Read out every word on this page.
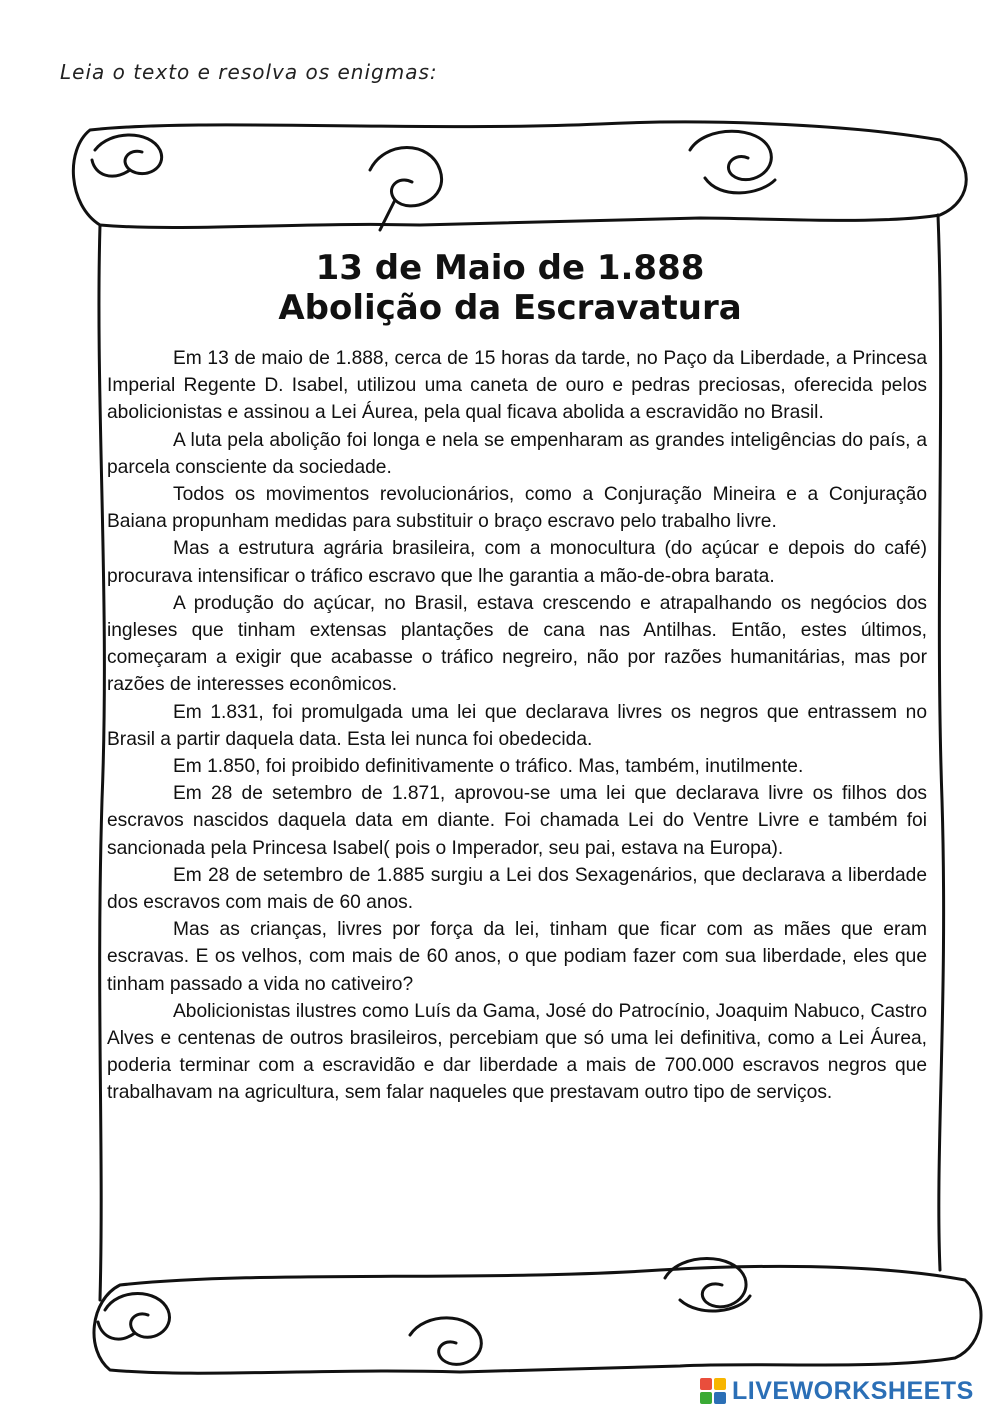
Leia o texto e resolva os enigmas:
13 de Maio de 1.888
Abolição da Escravatura

Em 13 de maio de 1.888, cerca de 15 horas da tarde, no Paço da Liberdade, a Princesa Imperial Regente D. Isabel, utilizou uma caneta de ouro e pedras preciosas, oferecida pelos abolicionistas e assinou a Lei Áurea, pela qual ficava abolida a escravidão no Brasil.

A luta pela abolição foi longa e nela se empenharam as grandes inteligências do país, a parcela consciente da sociedade.

Todos os movimentos revolucionários, como a Conjuração Mineira e a Conjuração Baiana propunham medidas para substituir o braço escravo pelo trabalho livre.

Mas a estrutura agrária brasileira, com a monocultura (do açúcar e depois do café) procurava intensificar o tráfico escravo que lhe garantia a mão-de-obra barata.

A produção do açúcar, no Brasil, estava crescendo e atrapalhando os negócios dos ingleses que tinham extensas plantações de cana nas Antilhas. Então, estes últimos, começaram a exigir que acabasse o tráfico negreiro, não por razões humanitárias, mas por razões de interesses econômicos.

Em 1.831, foi promulgada uma lei que declarava livres os negros que entrassem no Brasil a partir daquela data. Esta lei nunca foi obedecida.

Em 1.850, foi proibido definitivamente o tráfico. Mas, também, inutilmente.

Em 28 de setembro de 1.871, aprovou-se uma lei que declarava livre os filhos dos escravos nascidos daquela data em diante. Foi chamada Lei do Ventre Livre e também foi sancionada pela Princesa Isabel( pois o Imperador, seu pai, estava na Europa).

Em 28 de setembro de 1.885 surgiu a Lei dos Sexagenários, que declarava a liberdade dos escravos com mais de 60 anos.

Mas as crianças, livres por força da lei, tinham que ficar com as mães que eram escravas. E os velhos, com mais de 60 anos, o que podiam fazer com sua liberdade, eles que tinham passado a vida no cativeiro?

Abolicionistas ilustres como Luís da Gama, José do Patrocínio, Joaquim Nabuco, Castro Alves e centenas de outros brasileiros, percebiam que só uma lei definitiva, como a Lei Áurea, poderia terminar com a escravidão e dar liberdade a mais de 700.000 escravos negros que trabalhavam na agricultura, sem falar naqueles que prestavam outro tipo de serviços.

LIVEWORKSHEETS
